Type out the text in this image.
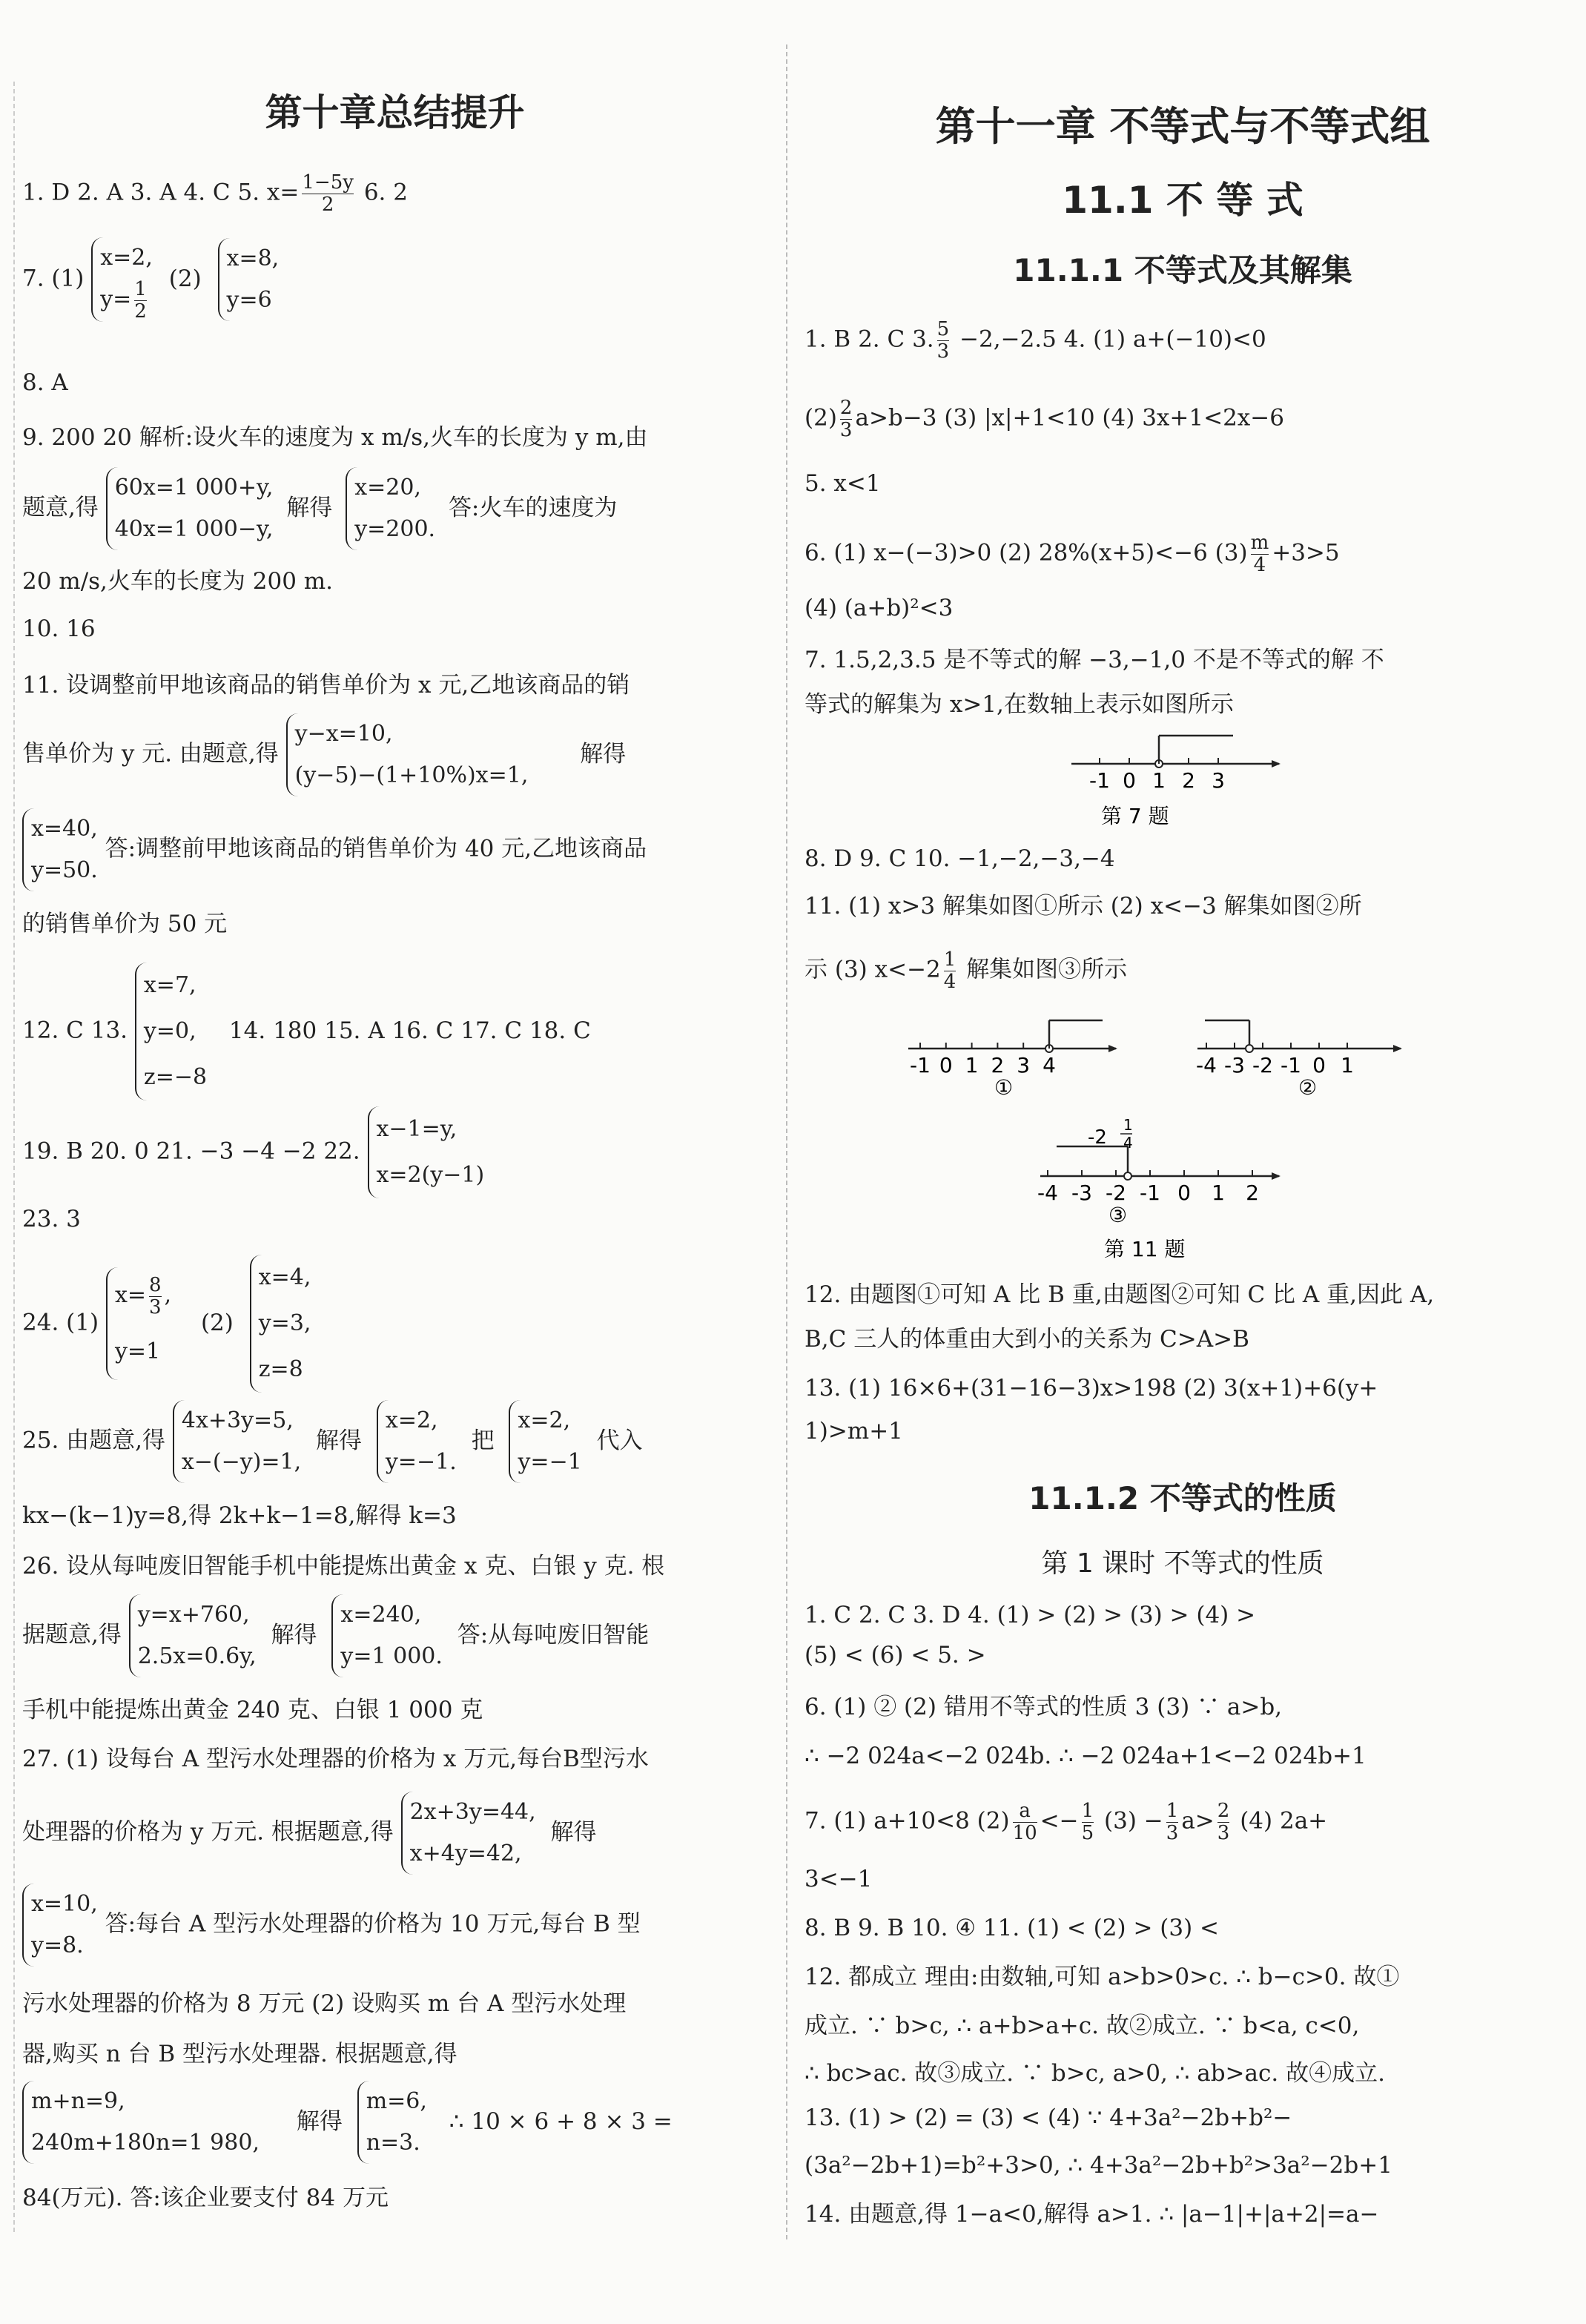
第十章总结提升
1. D 2. A 3. A 4. C 5. $x= \frac{1-5y}{2} 6$. 2
7. (1)
x=2,
$y= \frac{1}{2}$
(2)
x=8,
y=6
8. A
9. 200 20 解析:设火车的速度为 x m/s,火车的长度为 y m,由
题意,得
60x=1 000+y,
40x=1 000−y,
解得
x=20,
y=200.
答:火车的速度为
20 m/s,火车的长度为 200 m.
10. 16
11. 设调整前甲地该商品的销售单价为 x 元,乙地该商品的销
售单价为 y 元. 由题意,得
y−x=10,
(y−5)−(1+10%)x=1,
解得
x=40,
y=50.
答:调整前甲地该商品的销售单价为 40 元,乙地该商品
的销售单价为 50 元
12. C 13.
x=7,
y=0,
z=−8
14. 180 15. A 16. C 17. C 18. C
19. B 20. 0 21. −3 −4 −2 22.
x−1=y,
x=2(y−1)
23. 3
24. (1)
$x= \frac{8}{3}$ ,
y=1
(2)
x=4,
y=3,
z=8
25. 由题意,得
4x+3y=5,
x−(−y)=1,
解得
x=2,
y=−1.
把
x=2,
y=−1
代入
kx−(k−1)y=8,得 2k+k−1=8,解得 k=3
26. 设从每吨废旧智能手机中能提炼出黄金 x 克、白银 y 克. 根
据题意,得
y=x+760,
2.5x=0.6y,
解得
x=240,
y=1 000.
答:从每吨废旧智能
手机中能提炼出黄金 240 克、白银 1 000 克
27. (1) 设每台 A 型污水处理器的价格为 x 万元,每台B型污水
处理器的价格为 y 万元. 根据题意,得
2x+3y=44,
x+4y=42,
解得
x=10,
y=8.
答:每台 A 型污水处理器的价格为 10 万元,每台 B 型
污水处理器的价格为 8 万元 (2) 设购买 m 台 A 型污水处理
器,购买 n 台 B 型污水处理器. 根据题意,得
m+n=9,
240m+180n=1 980,
解得
m=6,
n=3.
∴ 10 × 6 + 8 × 3 =
84(万元). 答:该企业要支付 84 万元
第十一章 不等式与不等式组
11.1 不 等 式
11.1.1 不等式及其解集
1. B 2. C 3. $\frac{5}{3} -2,-2.5$ 4. (1) a+(−10)<0
$(2) \frac{2}{3} a>b-3$ (3) |x|+1<10 (4) 3x+1<2x−6
5. x<1
6. (1) x−(−3)>0 (2) 28%(x+5)<−6 $(3) \frac{m}{4} +3>5$
(4) (a+b)²<3
7. 1.5,2,3.5 是不等式的解 −3,−1,0 不是不等式的解 不
等式的解集为 x>1,在数轴上表示如图所示
-1 0 1 2 3
第 7 题
8. D 9. C 10. −1,−2,−3,−4
11. (1) x>3 解集如图①所示 (2) x<−3 解集如图②所
示 (3) $x<-2 \frac{1}{4}$ 解集如图③所示
-1 0 1 2 3 4
①
-4 -3 -2 -1 0 1
②
-2
1
4
-4 -3 -2 -1 0 1 2
③
第 11 题
12. 由题图①可知 A 比 B 重,由题图②可知 C 比 A 重,因此 A,
B,C 三人的体重由大到小的关系为 C>A>B
13. (1) 16×6+(31−16−3)x>198 (2) 3(x+1)+6(y+
1)>m+1
11.1.2 不等式的性质
第 1 课时 不等式的性质
1. C 2. C 3. D 4. (1) > (2) > (3) > (4) >
(5) < (6) < 5. >
6. (1) ② (2) 错用不等式的性质 3 (3) ∵ a>b,
∴ −2 024a<−2 024b. ∴ −2 024a+1<−2 024b+1
7. (1) a+10<8 $(2) \frac{a}{10} <- \frac{1}{5} (3) - \frac{1}{3} a> \frac{2}{3} (4)$ 2a+
3<−1
8. B 9. B 10. ④ 11. (1) < (2) > (3) <
12. 都成立 理由:由数轴,可知 a>b>0>c. ∴ b−c>0. 故①
成立. ∵ b>c, ∴ a+b>a+c. 故②成立. ∵ b<a, c<0,
∴ bc>ac. 故③成立. ∵ b>c, a>0, ∴ ab>ac. 故④成立.
13. (1) > (2) = (3) < (4) ∵ 4+3a²−2b+b²−
(3a²−2b+1)=b²+3>0, ∴ 4+3a²−2b+b²>3a²−2b+1
14. 由题意,得 1−a<0,解得 a>1. ∴ |a−1|+|a+2|=a−
